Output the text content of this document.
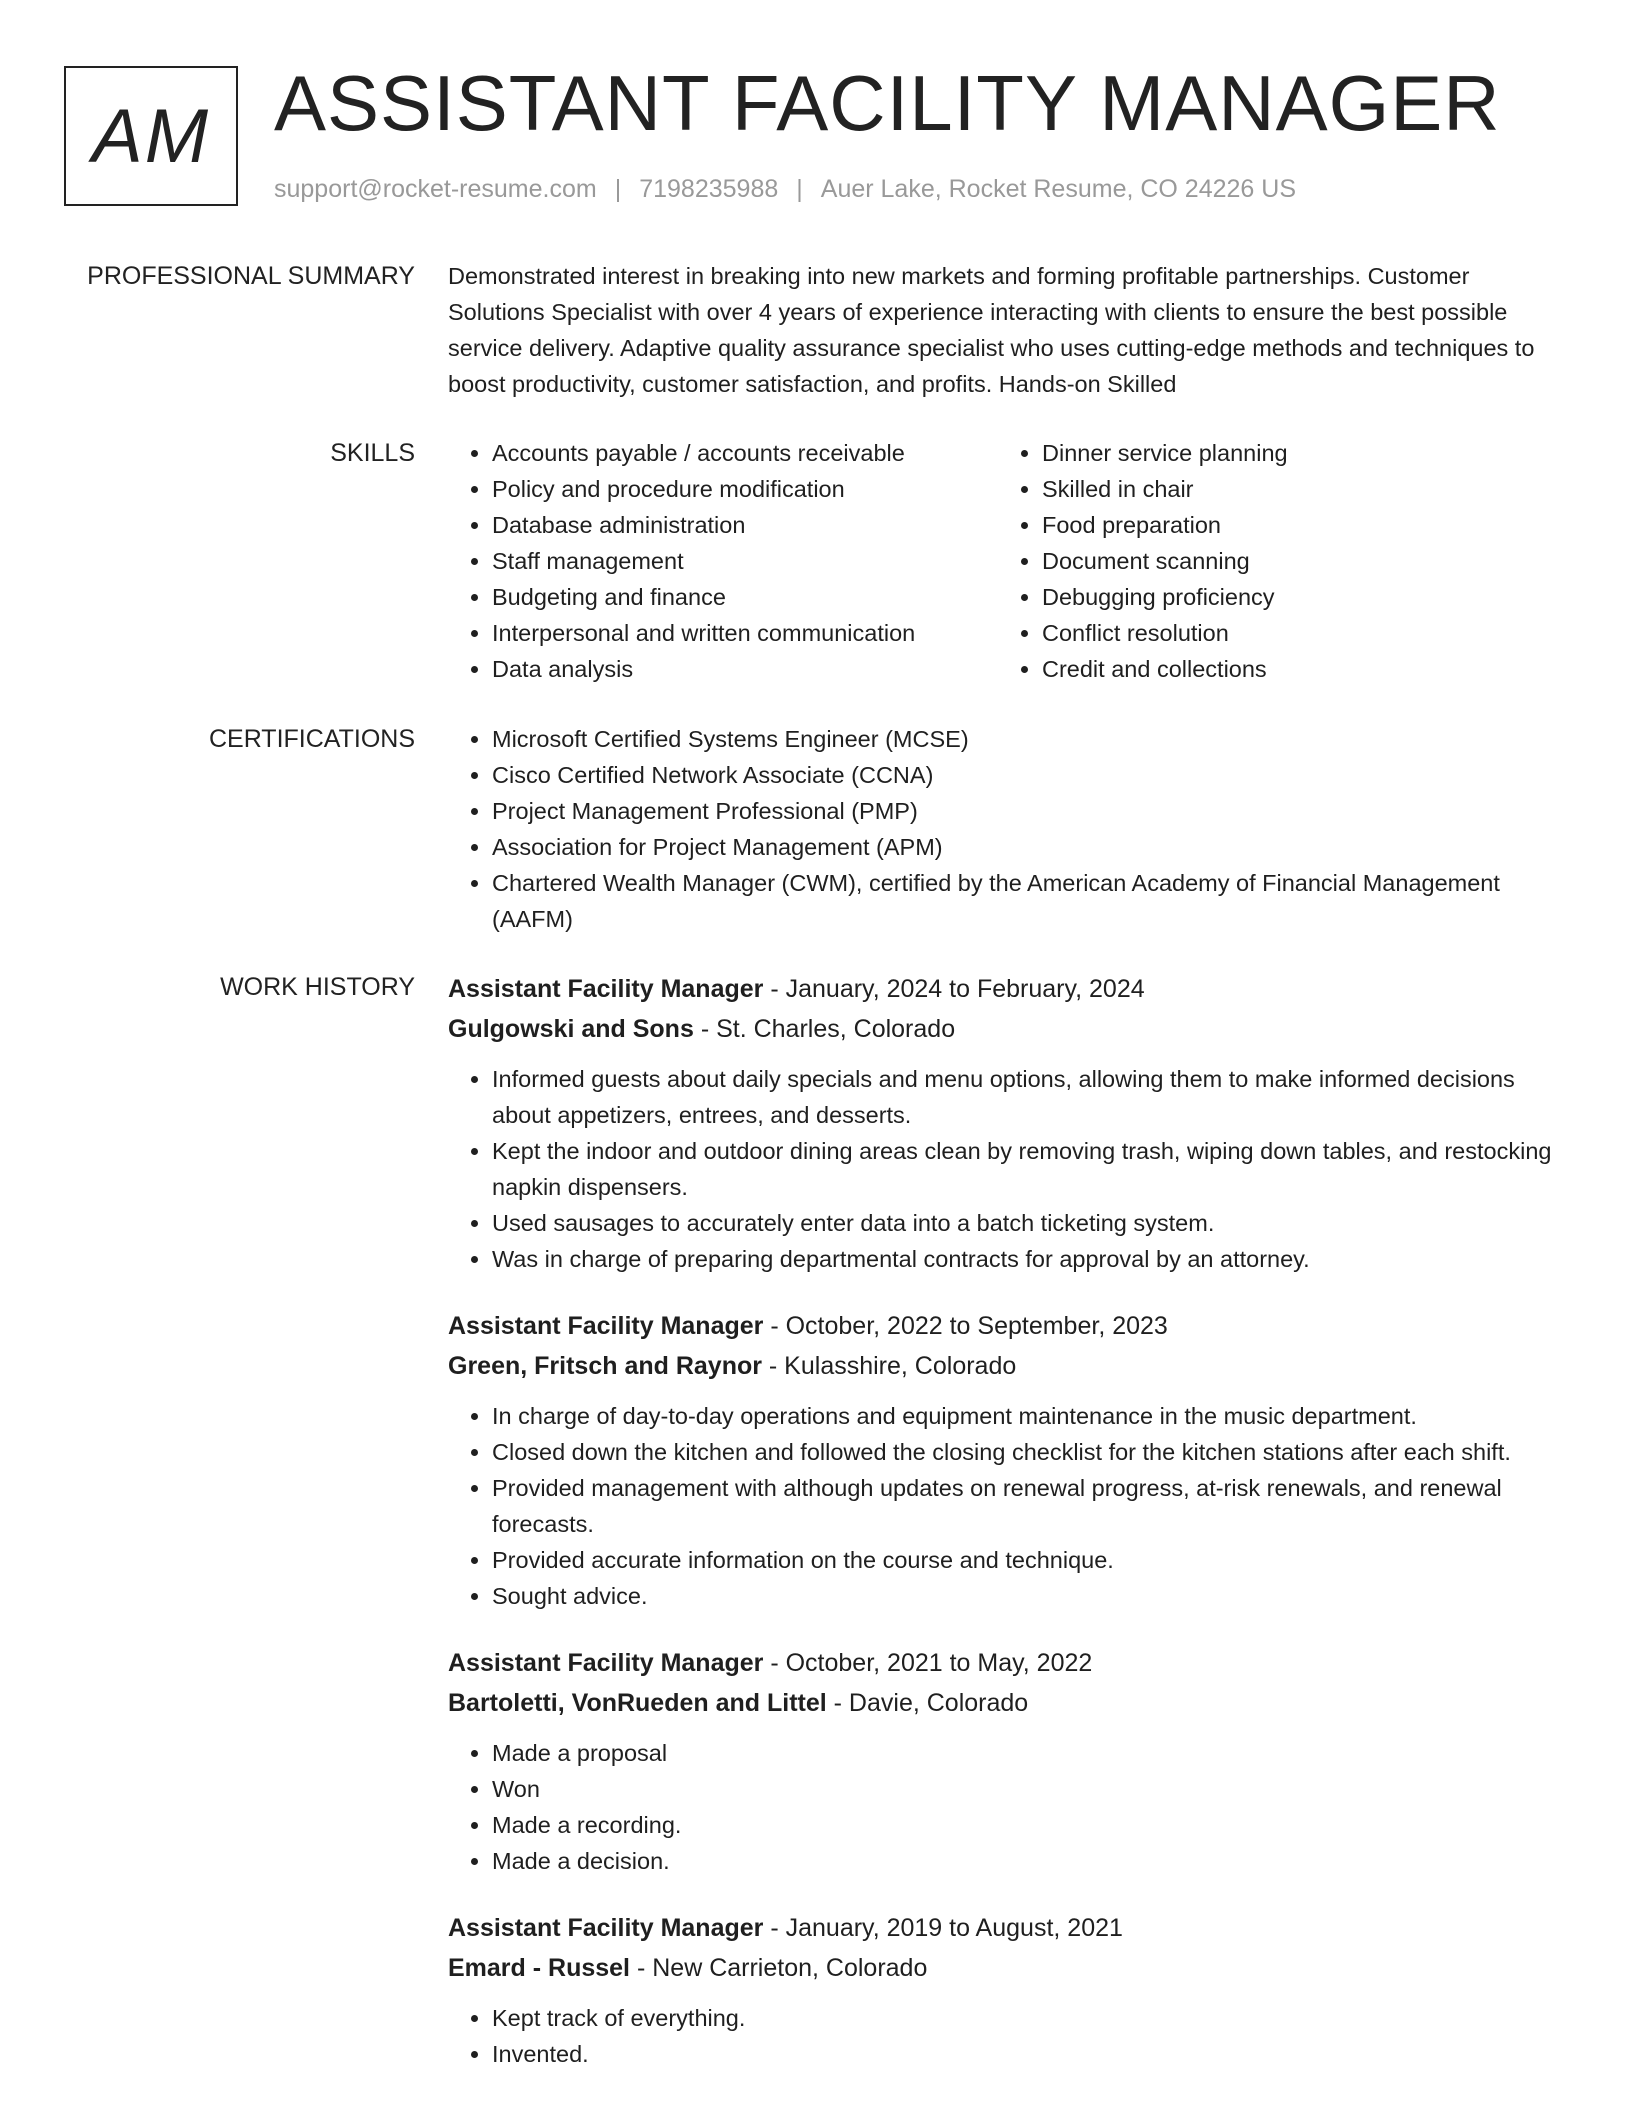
AM ASSISTANT FACILITY MANAGER
support@rocket-resume.com | 7198235988 | Auer Lake, Rocket Resume, CO 24226 US
PROFESSIONAL SUMMARY Demonstrated interest in breaking into new markets and forming profitable partnerships. Customer Solutions Specialist with over 4 years of experience interacting with clients to ensure the best possible service delivery. Adaptive quality assurance specialist who uses cutting-edge methods and techniques to boost productivity, customer satisfaction, and profits. Hands-on Skilled
SKILLS	• Accounts payable / accounts receivable
• Policy and procedure modification
• Database administration
• Staff management
• Budgeting and finance
• Interpersonal and written communication
• Data analysis
• Dinner service planning
• Skilled in chair
• Food preparation
• Document scanning
• Debugging proficiency
• Conflict resolution
• Credit and collections
CERTIFICATIONS	• Microsoft Certified Systems Engineer (MCSE)
• Cisco Certified Network Associate (CCNA)
• Project Management Professional (PMP)
• Association for Project Management (APM)
• Chartered Wealth Manager (CWM), certified by the American Academy of Financial Management (AAFM)
WORK HISTORY Assistant Facility Manager - January, 2024 to February, 2024
Gulgowski and Sons - St. Charles, Colorado
• Informed guests about daily specials and menu options, allowing them to make informed decisions about appetizers, entrees, and desserts.
• Kept the indoor and outdoor dining areas clean by removing trash, wiping down tables, and restocking napkin dispensers.
• Used sausages to accurately enter data into a batch ticketing system.
• Was in charge of preparing departmental contracts for approval by an attorney.
Assistant Facility Manager - October, 2022 to September, 2023
Green, Fritsch and Raynor - Kulasshire, Colorado
• In charge of day-to-day operations and equipment maintenance in the music department.
• Closed down the kitchen and followed the closing checklist for the kitchen stations after each shift.
• Provided management with although updates on renewal progress, at-risk renewals, and renewal forecasts.
• Provided accurate information on the course and technique.
• Sought advice.
Assistant Facility Manager - October, 2021 to May, 2022
Bartoletti, VonRueden and Littel - Davie, Colorado
• Made a proposal
• Won
• Made a recording.
• Made a decision.
Assistant Facility Manager - January, 2019 to August, 2021
Emard - Russel - New Carrieton, Colorado
• Kept track of everything.
• Invented.
